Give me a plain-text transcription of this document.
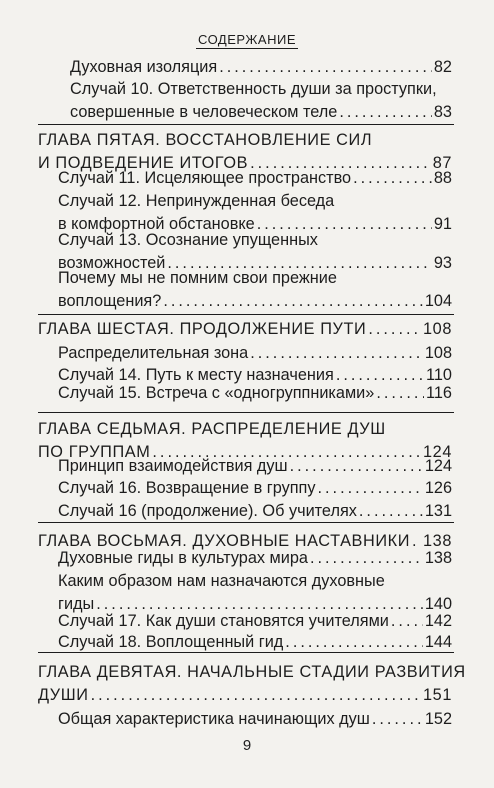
СОДЕРЖАНИЕ
Духовная изоляция .....	82
Случай 10. Ответственность души за проступки,
совершенные в человеческом теле .....	83
ГЛАВА ПЯТАЯ. ВОССТАНОВЛЕНИЕ СИЛ
И ПОДВЕДЕНИЕ ИТОГОВ .....	87
Случай 11. Исцеляющее пространство .....	88
Случай 12. Непринужденная беседа
в комфортной обстановке .....	91
Случай 13. Осознание упущенных
возможностей .....	93
Почему мы не помним свои прежние
воплощения? .....	104
ГЛАВА ШЕСТАЯ. ПРОДОЛЖЕНИЕ ПУТИ .....	108
Распределительная зона .....	108
Случай 14. Путь к месту назначения .....	110
Случай 15. Встреча с «одногруппниками» .....	116
ГЛАВА СЕДЬМАЯ. РАСПРЕДЕЛЕНИЕ ДУШ
ПО ГРУППАМ .....	124
Принцип взаимодействия душ .....	124
Случай 16. Возвращение в группу .....	126
Случай 16 (продолжение). Об учителях .....	131
ГЛАВА ВОСЬМАЯ. ДУХОВНЫЕ НАСТАВНИКИ ..... 138
Духовные гиды в культурах мира .....	138
Каким образом нам назначаются духовные
гиды .....	140
Случай 17. Как души становятся учителями ..... 142
Случай 18. Воплощенный гид .....	144
ГЛАВА ДЕВЯТАЯ. НАЧАЛЬНЫЕ СТАДИИ РАЗВИТИЯ
ДУШИ .....	151
Общая характеристика начинающих душ .....	152
9
